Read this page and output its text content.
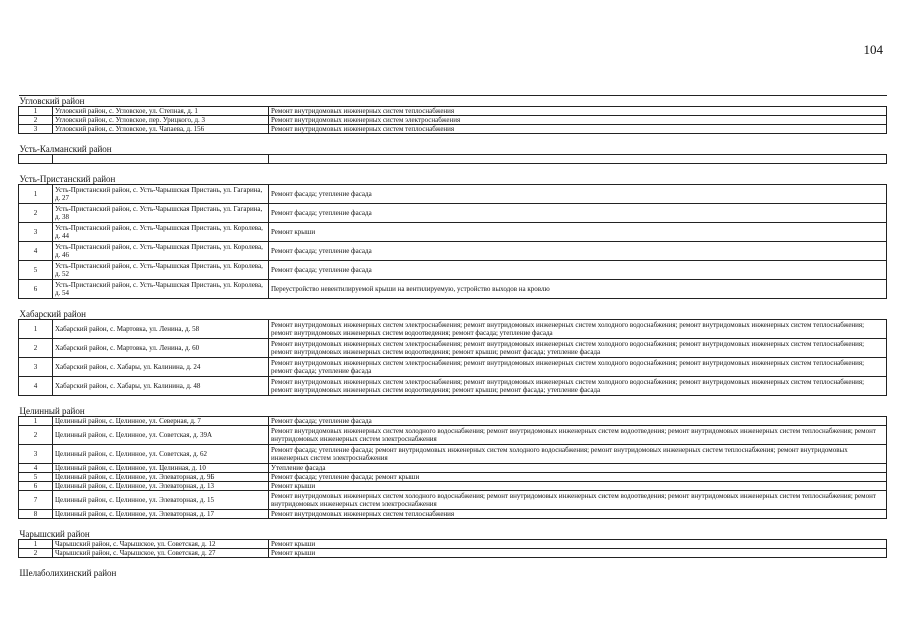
104
Угловский район		
1	Угловский район, с. Угловское, ул. Степная, д. 1	Ремонт внутридомовых инженерных систем теплоснабжения
2	Угловский район, с. Угловское, пер. Урицкого, д. 3	Ремонт внутридомовых инженерных систем электроснабжения
3	Угловский район, с. Угловское, ул. Чапаева, д. 156	Ремонт внутридомовых инженерных систем теплоснабжения
Усть-Калманский район		

Усть-Пристанский район		
1	Усть-Пристанский район, с. Усть-Чарышская Пристань, ул. Гагарина, д. 27	Ремонт фасада; утепление фасада
2	Усть-Пристанский район, с. Усть-Чарышская Пристань, ул. Гагарина, д. 38	Ремонт фасада; утепление фасада
3	Усть-Пристанский район, с. Усть-Чарышская Пристань, ул. Королева, д. 44	Ремонт крыши
4	Усть-Пристанский район, с. Усть-Чарышская Пристань, ул. Королева, д. 46	Ремонт фасада; утепление фасада
5	Усть-Пристанский район, с. Усть-Чарышская Пристань, ул. Королева, д. 52	Ремонт фасада; утепление фасада
6	Усть-Пристанский район, с. Усть-Чарышская Пристань, ул. Королева, д. 54	Переустройство невентилируемой крыши на вентилируемую, устройство выходов на кровлю
Хабарский район		
1	Хабарский район, с. Мартовка, ул. Ленина, д. 58	Ремонт внутридомовых инженерных систем электроснабжения; ремонт внутридомовых инженерных систем холодного водоснабжения; ремонт внутридомовых инженерных систем теплоснабжения; ремонт внутридомовых инженерных систем водоотведения; ремонт фасада; утепление фасада
2	Хабарский район, с. Мартовка, ул. Ленина, д. 60	Ремонт внутридомовых инженерных систем электроснабжения; ремонт внутридомовых инженерных систем холодного водоснабжения; ремонт внутридомовых инженерных систем теплоснабжения; ремонт внутридомовых инженерных систем водоотведения; ремонт крыши; ремонт фасада; утепление фасада
3	Хабарский район, с. Хабары, ул. Калинина, д. 24	Ремонт внутридомовых инженерных систем электроснабжения; ремонт внутридомовых инженерных систем холодного водоснабжения; ремонт внутридомовых инженерных систем теплоснабжения; ремонт фасада; утепление фасада
4	Хабарский район, с. Хабары, ул. Калинина, д. 48	Ремонт внутридомовых инженерных систем электроснабжения; ремонт внутридомовых инженерных систем холодного водоснабжения; ремонт внутридомовых инженерных систем теплоснабжения; ремонт внутридомовых инженерных систем водоотведения; ремонт крыши; ремонт фасада; утепление фасада
Целинный район		
1	Целинный район, с. Целинное, ул. Северная, д. 7	Ремонт фасада; утепление фасада
2	Целинный район, с. Целинное, ул. Советская, д. 39А	Ремонт внутридомовых инженерных систем холодного водоснабжения; ремонт внутридомовых инженерных систем водоотведения; ремонт внутридомовых инженерных систем теплоснабжения; ремонт внутридомовых инженерных систем электроснабжения
3	Целинный район, с. Целинное, ул. Советская, д. 62	Ремонт фасада; утепление фасада; ремонт внутридомовых инженерных систем холодного водоснабжения; ремонт внутридомовых инженерных систем теплоснабжения; ремонт внутридомовых инженерных систем электроснабжения
4	Целинный район, с. Целинное, ул. Целинная, д. 10	Утепление фасада
5	Целинный район, с. Целинное, ул. Элеваторная, д. 9Б	Ремонт фасада; утепление фасада; ремонт крыши
6	Целинный район, с. Целинное, ул. Элеваторная, д. 13	Ремонт крыши
7	Целинный район, с. Целинное, ул. Элеваторная, д. 15	Ремонт внутридомовых инженерных систем холодного водоснабжения; ремонт внутридомовых инженерных систем водоотведения; ремонт внутридомовых инженерных систем теплоснабжения; ремонт внутридомовых инженерных систем электроснабжения
8	Целинный район, с. Целинное, ул. Элеваторная, д. 17	Ремонт внутридомовых инженерных систем теплоснабжения
Чарышский район		
1	Чарышский район, с. Чарышское, ул. Советская, д. 12	Ремонт крыши
2	Чарышский район, с. Чарышское, ул. Советская, д. 27	Ремонт крыши
Шелаболихинский район		
